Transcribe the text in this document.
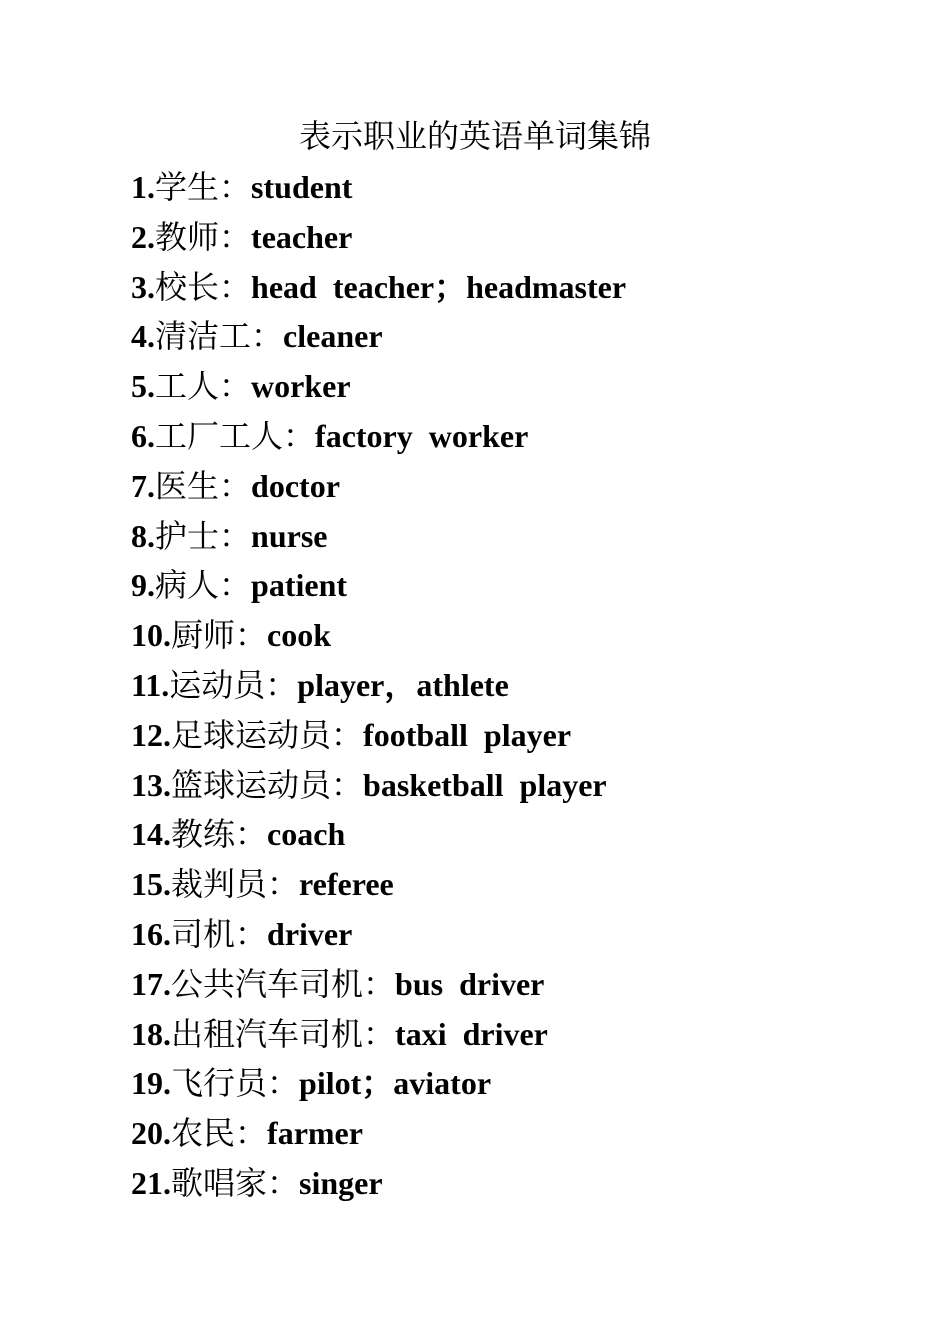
表示职业的英语单词集锦
1.学生：student
2.教师：teacher
3.校长：head  teacher；headmaster
4.清洁工：cleaner
5.工人：worker
6.工厂工人：factory  worker
7.医生：doctor
8.护士：nurse
9.病人：patient
10.厨师：cook
11.运动员：player，athlete
12.足球运动员：football  player
13.篮球运动员：basketball  player
14.教练：coach
15.裁判员：referee
16.司机：driver
17.公共汽车司机：bus  driver
18.出租汽车司机：taxi  driver
19.飞行员：pilot；aviator
20.农民：farmer
21.歌唱家：singer
